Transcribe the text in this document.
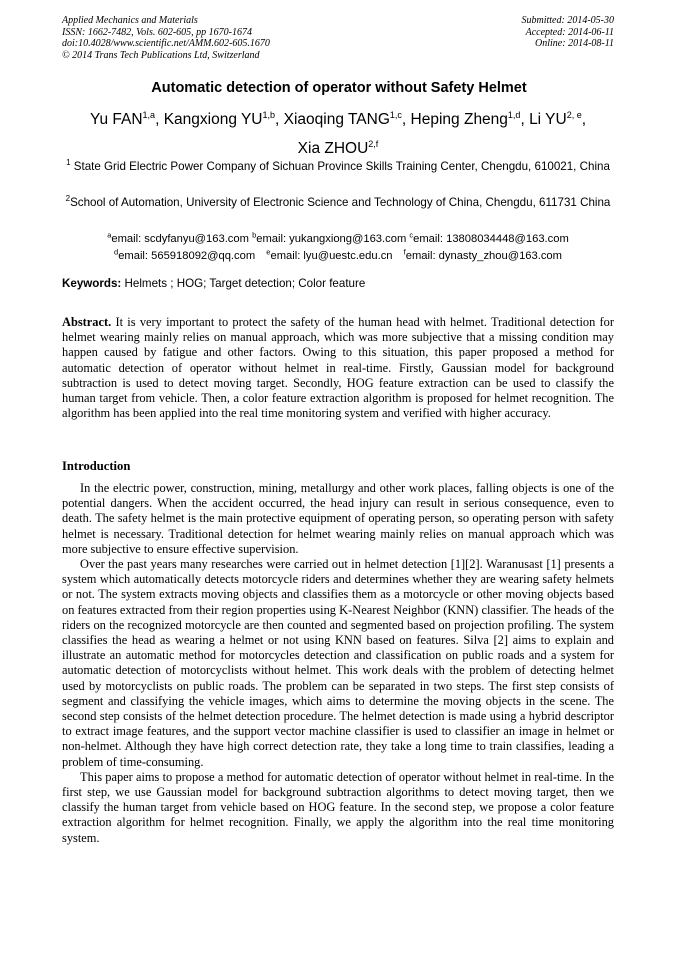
Applied Mechanics and Materials
ISSN: 1662-7482, Vols. 602-605, pp 1670-1674
doi:10.4028/www.scientific.net/AMM.602-605.1670
© 2014 Trans Tech Publications Ltd, Switzerland
Submitted: 2014-05-30
Accepted: 2014-06-11
Online: 2014-08-11
Automatic detection of operator without Safety Helmet
Yu FAN$^{1,a}$, Kangxiong YU$^{1,b}$, Xiaoqing TANG$^{1,c}$, Heping Zheng$^{1,d}$, Li YU$^{2, e}$,
Xia ZHOU$^{2,f}$
$^1$ State Grid Electric Power Company of Sichuan Province Skills Training Center, Chengdu, 610021, China
$^2$School of Automation, University of Electronic Science and Technology of China, Chengdu, 611731 China
$^a$email: scdyfanyu@163.com $^b$email: yukangxiong@163.com $^c$email: 13808034448@163.com
$^d$email: 565918092@qq.com $^e$email: lyu@uestc.edu.cn $^f$email: dynasty_zhou@163.com
Keywords: Helmets ; HOG; Target detection; Color feature
Abstract. It is very important to protect the safety of the human head with helmet. Traditional detection for helmet wearing mainly relies on manual approach, which was more subjective that a missing condition may happen caused by fatigue and other factors. Owing to this situation, this paper proposed a method for automatic detection of operator without helmet in real-time. Firstly, Gaussian model for background subtraction is used to detect moving target. Secondly, HOG feature extraction can be used to classify the human target from vehicle. Then, a color feature extraction algorithm is proposed for helmet recognition. The algorithm has been applied into the real time monitoring system and verified with higher accuracy.
Introduction

In the electric power, construction, mining, metallurgy and other work places, falling objects is one of the potential dangers. When the accident occurred, the head injury can result in serious consequence, even to death. The safety helmet is the main protective equipment of operating person, so operating person with safety helmet is necessary. Traditional detection for helmet wearing mainly relies on manual approach which was more subjective to ensure effective supervision.

Over the past years many researches were carried out in helmet detection [1][2]. Waranusast [1] presents a system which automatically detects motorcycle riders and determines whether they are wearing safety helmets or not. The system extracts moving objects and classifies them as a motorcycle or other moving objects based on features extracted from their region properties using K-Nearest Neighbor (KNN) classifier. The heads of the riders on the recognized motorcycle are then counted and segmented based on projection profiling. The system classifies the head as wearing a helmet or not using KNN based on features. Silva [2] aims to explain and illustrate an automatic method for motorcycles detection and classification on public roads and a system for automatic detection of motorcyclists without helmet. This work deals with the problem of detecting helmet used by motorcyclists on public roads. The problem can be separated in two steps. The first step consists of segment and classifying the vehicle images, which aims to determine the moving objects in the scene. The second step consists of the helmet detection procedure. The helmet detection is made using a hybrid descriptor to extract image features, and the support vector machine classifier is used to classifier an image in helmet or non-helmet. Although they have high correct detection rate, they take a long time to train classifies, leading a problem of time-consuming.

This paper aims to propose a method for automatic detection of operator without helmet in real-time. In the first step, we use Gaussian model for background subtraction algorithms to detect moving target, then we classify the human target from vehicle based on HOG feature. In the second step, we propose a color feature extraction algorithm for helmet recognition. Finally, we apply the algorithm into the real time monitoring system.
